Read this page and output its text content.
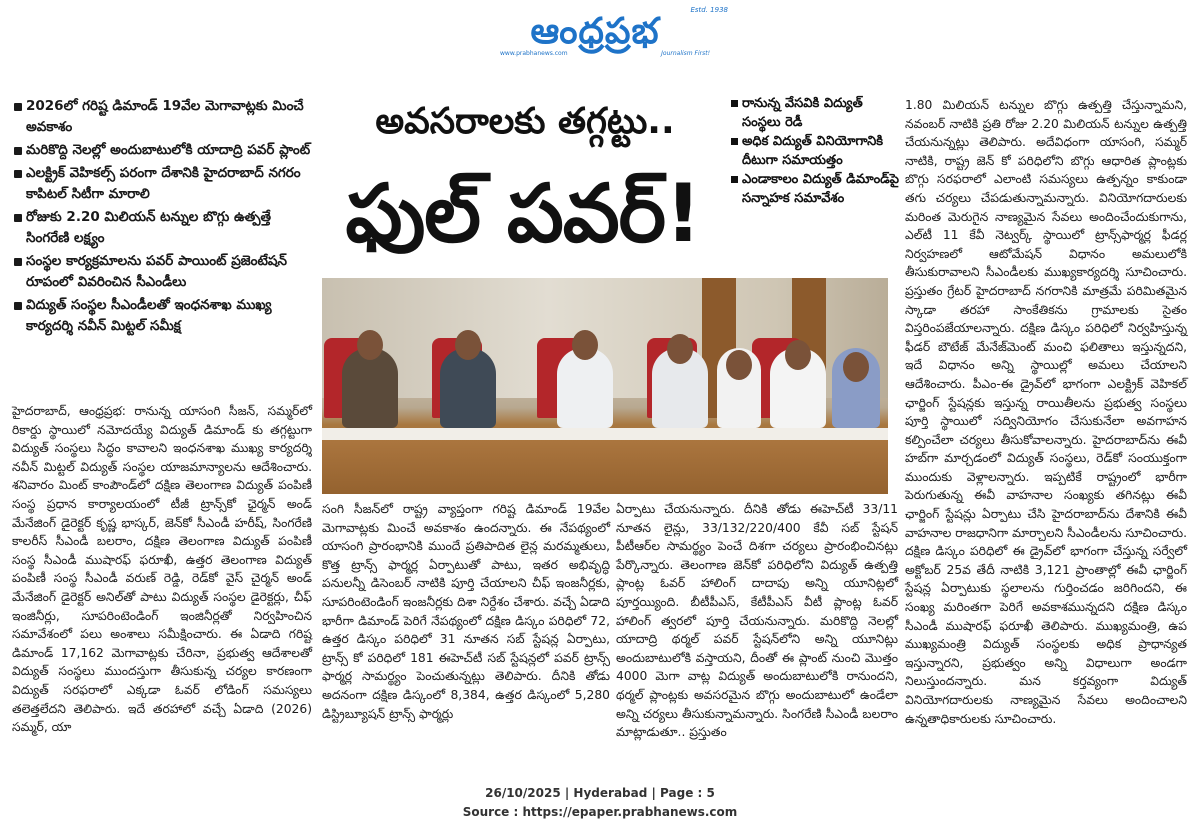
ఆంధ్రప్రభ	Estd. 1938
www.prabhanews.com	Journalism First!
2026లో గరిష్ట డిమాండ్ 19వేల మెగావాట్లకు మించే అవకాశం
మరికొద్ది నెలల్లో అందుబాటులోకి యాదాద్రి పవర్ ప్లాంట్
ఎలక్ట్రిక్ వెహికల్స్ పరంగా దేశానికి హైదరాబాద్ నగరం కాపిటల్ సిటీగా మారాలి
రోజుకు 2.20 మిలియన్ టన్నుల బొగ్గు ఉత్పత్తే సింగరేణి లక్ష్యం
సంస్థల కార్యక్రమాలను పవర్ పాయింట్ ప్రజెంటేషన్ రూపంలో వివరించిన సీఎండీలు
విద్యుత్ సంస్థల సీఎండీలతో ఇంధనశాఖ ముఖ్య కార్యదర్శి నవీన్ మిట్టల్ సమీక్ష
అవసరాలకు తగ్గట్టు..
ఫుల్ పవర్!
రానున్న వేసవికి విద్యుత్ సంస్థలు రెడీ
అధిక విద్యుత్ వినియోగానికి దీటుగా సమాయత్తం
ఎండాకాలం విద్యుత్ డిమాండ్‌పై సన్నాహక సమావేశం

హైదరాబాద్, ఆంధ్రప్రభ: రానున్న యాసంగి సీజన్, సమ్మర్‌లో రికార్డు స్థాయిలో నమోదయ్యే విద్యుత్ డిమాండ్ కు తగ్గట్టుగా విద్యుత్ సంస్థలు సిద్ధం కావాలని ఇంధనశాఖ ముఖ్య కార్యదర్శి నవీన్ మిట్టల్ విద్యుత్ సంస్థల యాజమాన్యాలను ఆదేశించారు. శనివారం మింట్ కాంపౌండ్‌లో దక్షిణ తెలంగాణ విద్యుత్ పంపిణీ సంస్థ ప్రధాన కార్యాలయంలో టీజీ ట్రాన్స్‌కో ఛైర్మన్ అండ్ మేనేజింగ్ డైరెక్టర్ కృష్ణ భాస్కర్, జెన్‌కో సీఎండీ హరీష్, సింగరేణి కాలరీస్ సీఎండీ బలరాం, దక్షిణ తెలంగాణ విద్యుత్ పంపిణీ సంస్థ సీఎండీ ముషారఫ్ ఫరూఖీ, ఉత్తర తెలంగాణ విద్యుత్ పంపిణీ సంస్థ సీఎండీ వరుణ్ రెడ్డి, రెడ్‌కో వైస్ చైర్మన్ అండ్ మేనేజింగ్ డైరెక్టర్ అనిల్‌తో పాటు విద్యుత్ సంస్థల డైరెక్టర్లు, చీఫ్ ఇంజినీర్లు, సూపరింటెండింగ్ ఇంజినీర్లతో నిర్వహించిన సమావేశంలో పలు అంశాలు సమీక్షించారు. ఈ ఏడాది గరిష్ట డిమాండ్ 17,162 మెగావాట్లకు చేరినా, ప్రభుత్వ ఆదేశాలతో విద్యుత్ సంస్థలు ముందస్తుగా తీసుకున్న చర్యల కారణంగా విద్యుత్ సరఫరాలో ఎక్కడా ఓవర్ లోడింగ్ సమస్యలు తలెత్తలేదని తెలిపారు. ఇదే తరహాలో వచ్చే ఏడాది (2026) సమ్మర్, యా

సంగి సీజన్‌లో రాష్ట్ర వ్యాప్తంగా గరిష్ట డిమాండ్ 19వేల మెగావాట్లకు మించే అవకాశం ఉందన్నారు. ఈ నేపథ్యంలో యాసంగి ప్రారంభానికి ముందే ప్రతిపాదిత లైన్ల మరమ్మతులు, కొత్త ట్రాన్స్ ఫార్మర్ల ఏర్పాటుతో పాటు, ఇతర అభివృద్ధి పనులన్నీ డిసెంబర్ నాటికి పూర్తి చేయాలని చీఫ్ ఇంజనీర్లకు, సూపరింటెండింగ్ ఇంజనీర్లకు దిశా నిర్దేశం చేశారు. వచ్చే ఏడాది భారీగా డిమాండ్ పెరిగే నేపథ్యంలో దక్షిణ డిస్కం పరిధిలో 72, ఉత్తర డిస్కం పరిధిలో 31 నూతన సబ్ స్టేషన్ల ఏర్పాటు, ట్రాన్స్ కో పరిధిలో 181 ఈహెచ్‌టీ సబ్ స్టేషన్లలో పవర్ ట్రాన్స్ ఫార్మర్ల సామర్థ్యం పెంచుతున్నట్లు తెలిపారు. దీనికి తోడు అదనంగా దక్షిణ డిస్కంలో 8,384, ఉత్తర డిస్కంలో 5,280 డిస్ట్రిబ్యూషన్ ట్రాన్స్ ఫార్మర్లు

ఏర్పాటు చేయనున్నారు. దీనికి తోడు ఈహెచ్‌టీ 33/11 నూతన లైన్లు, 33/132/220/400 కేవీ సబ్ స్టేషన్ పీటీఆర్‌ల సామర్థ్యం పెంచే దిశగా చర్యలు ప్రారంభించినట్లు పేర్కొన్నారు. తెలంగాణ జెన్‌కో పరిధిలోని విద్యుత్ ఉత్పత్తి ప్లాంట్ల ఓవర్ హాలింగ్ దాదాపు అన్ని యూనిట్లలో పూర్తయ్యింది. బీటీపీఎస్, కేటీపీఎస్ వీటీ ప్లాంట్ల ఓవర్ హాలింగ్ త్వరలో పూర్తి చేయనున్నారు. మరికొద్ది నెలల్లో యాదాద్రి థర్మల్ పవర్ స్టేషన్‌లోని అన్ని యూనిట్లు అందుబాటులోకి వస్తాయని, దీంతో ఈ ప్లాంట్ నుంచి మొత్తం 4000 మెగా వాట్ల విద్యుత్ అందుబాటులోకి రానుందని, థర్మల్ ప్లాంట్లకు అవసరమైన బొగ్గు అందుబాటులో ఉండేలా అన్ని చర్యలు తీసుకున్నామన్నారు. సింగరేణి సీఎండీ బలరాం మాట్లాడుతూ.. ప్రస్తుతం

1.80 మిలియన్ టన్నుల బొగ్గు ఉత్పత్తి చేస్తున్నామని, నవంబర్ నాటికి ప్రతి రోజు 2.20 మిలియన్ టన్నుల ఉత్పత్తి చేయనున్నట్లు తెలిపారు. అదేవిధంగా యాసంగి, సమ్మర్ నాటికి, రాష్ట్ర జెన్ కో పరిధిలోని బొగ్గు ఆధారిత ప్లాంట్లకు బొగ్గు సరఫరాలో ఎలాంటి సమస్యలు ఉత్పన్నం కాకుండా తగు చర్యలు చేపడుతున్నామన్నారు. వినియోగదారులకు మరింత మెరుగైన నాణ్యమైన సేవలు అందించేందుకుగాను, ఎల్‌టీ 11 కేవీ నెట్వర్క్ స్థాయిలో ట్రాన్స్‌ఫార్మర్ల ఫీడర్ల నిర్వహణలో ఆటోమేషన్ విధానం అమలులోకి తీసుకురావాలని సీఎండీలకు ముఖ్యకార్యదర్శి సూచించారు. ప్రస్తుతం గ్రేటర్ హైదరాబాద్ నగరానికి మాత్రమే పరిమితమైన స్కాడా తరహా సాంకేతికను గ్రామాలకు సైతం విస్తరింపజేయాలన్నారు. దక్షిణ డిస్కం పరిధిలో నిర్వహిస్తున్న ఫీడర్ బౌటేజ్ మేనేజ్‌మెంట్ మంచి ఫలితాలు ఇస్తున్నదని, ఇదే విధానం అన్ని స్థాయిల్లో అమలు చేయాలని ఆదేశించారు. పీఎం-ఈ డ్రైవ్‌లో భాగంగా ఎలక్ట్రిక్ వెహికల్ ఛార్జింగ్ స్టేషన్లకు ఇస్తున్న రాయితీలను ప్రభుత్వ సంస్థలు పూర్తి స్థాయిలో సద్వినియోగం చేసుకునేలా అవగాహన కల్పించేలా చర్యలు తీసుకోవాలన్నారు. హైదరాబాద్‌ను ఈవీ హబ్‌గా మార్చడంలో విద్యుత్ సంస్థలు, రెడ్‌కో సంయుక్తంగా ముందుకు వెళ్లాలన్నారు. ఇప్పటికే రాష్ట్రంలో భారీగా పెరుగుతున్న ఈవీ వాహనాల సంఖ్యకు తగినట్లు ఈవీ ఛార్జింగ్ స్టేషన్లు ఏర్పాటు చేసి హైదరాబాద్‌ను దేశానికి ఈవీ వాహనాల రాజధానిగా మార్చాలని సీఎండీలను సూచించారు. దక్షిణ డిస్కం పరిధిలో ఈ డ్రైవ్‌లో భాగంగా చేస్తున్న సర్వేలో అక్టోబర్ 25వ తేదీ నాటికి 3,121 ప్రాంతాల్లో ఈవీ ఛార్జింగ్ స్టేషన్ల ఏర్పాటుకు స్థలాలను గుర్తించడం జరిగిందని, ఈ సంఖ్య మరింతగా పెరిగే అవకాశమున్నదని దక్షిణ డిస్కం సీఎండీ ముషారఫ్ ఫరూఖీ తెలిపారు. ముఖ్యమంత్రి, ఉప ముఖ్యమంత్రి విద్యుత్ సంస్థలకు అధిక ప్రాధాన్యత ఇస్తున్నారని, ప్రభుత్వం అన్ని విధాలుగా అండగా నిలుస్తుందన్నారు. మన కర్తవ్యంగా విద్యుత్ వినియోగదారులకు నాణ్యమైన సేవలు అందించాలని ఉన్నతాధికారులకు సూచించారు.

26/10/2025 | Hyderabad | Page : 5
Source : https://epaper.prabhanews.com
